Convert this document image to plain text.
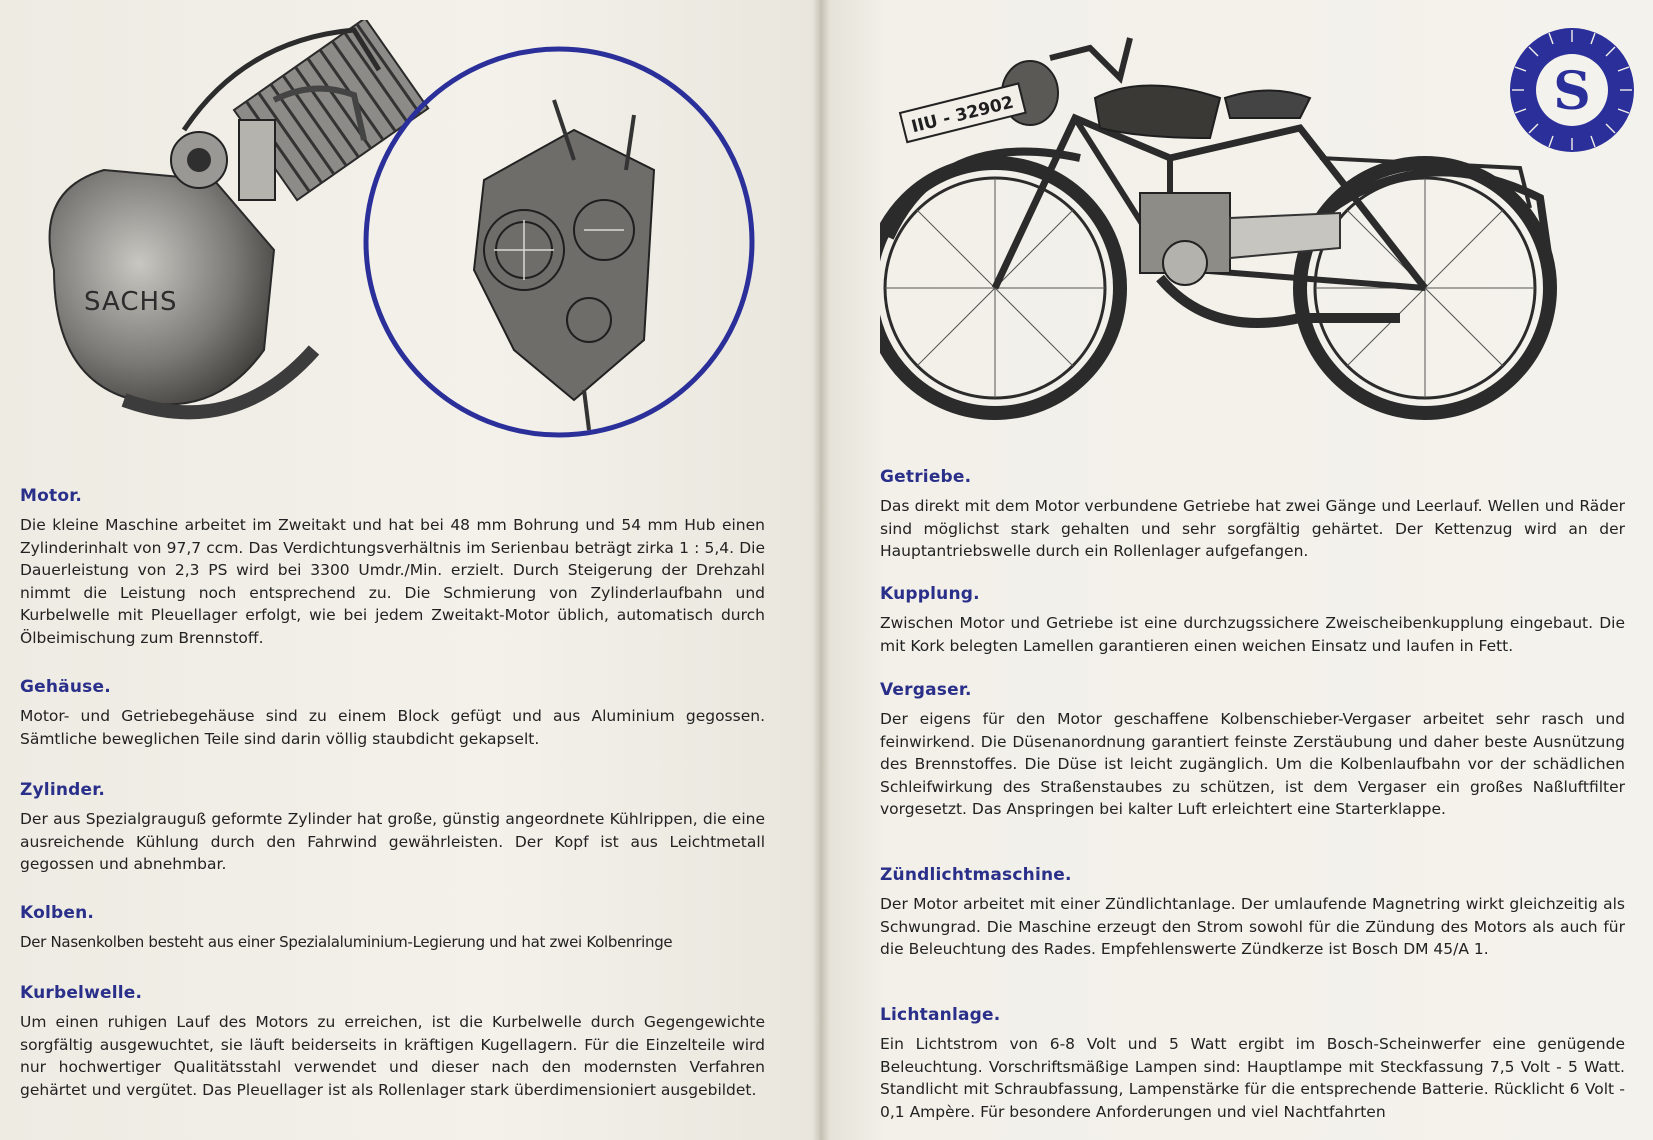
SACHS
IIU - 32902	S
Motor.

Die kleine Maschine arbeitet im Zweitakt und hat bei 48 mm Bohrung und 54 mm Hub einen Zylinderinhalt von 97,7 ccm. Das Verdichtungsverhältnis im Serienbau beträgt zirka 1 : 5,4. Die Dauerleistung von 2,3 PS wird bei 3300 Umdr./Min. erzielt. Durch Steigerung der Drehzahl nimmt die Leistung noch entsprechend zu. Die Schmierung von Zylinderlaufbahn und Kurbelwelle mit Pleuellager erfolgt, wie bei jedem Zweitakt-Motor üblich, automatisch durch Ölbeimischung zum Brennstoff.

Gehäuse.

Motor- und Getriebegehäuse sind zu einem Block gefügt und aus Aluminium gegossen. Sämtliche beweglichen Teile sind darin völlig staubdicht gekapselt.

Zylinder.

Der aus Spezialgrauguß geformte Zylinder hat große, günstig angeordnete Kühlrippen, die eine ausreichende Kühlung durch den Fahrwind gewährleisten. Der Kopf ist aus Leichtmetall gegossen und abnehmbar.

Kolben.

Der Nasenkolben besteht aus einer Spezialaluminium-Legierung und hat zwei Kolbenringe

Kurbelwelle.

Um einen ruhigen Lauf des Motors zu erreichen, ist die Kurbelwelle durch Gegengewichte sorgfältig ausgewuchtet, sie läuft beiderseits in kräftigen Kugellagern. Für die Einzelteile wird nur hochwertiger Qualitätsstahl verwendet und dieser nach den modernsten Verfahren gehärtet und vergütet. Das Pleuellager ist als Rollenlager stark überdimensioniert ausgebildet.

Getriebe.

Das direkt mit dem Motor verbundene Getriebe hat zwei Gänge und Leerlauf. Wellen und Räder sind möglichst stark gehalten und sehr sorgfältig gehärtet. Der Kettenzug wird an der Hauptantriebswelle durch ein Rollenlager aufgefangen.

Kupplung.

Zwischen Motor und Getriebe ist eine durchzugssichere Zweischeibenkupplung eingebaut. Die mit Kork belegten Lamellen garantieren einen weichen Einsatz und laufen in Fett.

Vergaser.

Der eigens für den Motor geschaffene Kolbenschieber-Vergaser arbeitet sehr rasch und feinwirkend. Die Düsenanordnung garantiert feinste Zerstäubung und daher beste Ausnützung des Brennstoffes. Die Düse ist leicht zugänglich. Um die Kolbenlaufbahn vor der schädlichen Schleifwirkung des Straßenstaubes zu schützen, ist dem Vergaser ein großes Naßluftfilter vorgesetzt. Das Anspringen bei kalter Luft erleichtert eine Starterklappe.

Zündlichtmaschine.

Der Motor arbeitet mit einer Zündlichtanlage. Der umlaufende Magnetring wirkt gleichzeitig als Schwungrad. Die Maschine erzeugt den Strom sowohl für die Zündung des Motors als auch für die Beleuchtung des Rades. Empfehlenswerte Zündkerze ist Bosch DM 45/A 1.

Lichtanlage.

Ein Lichtstrom von 6-8 Volt und 5 Watt ergibt im Bosch-Scheinwerfer eine genügende Beleuchtung. Vorschriftsmäßige Lampen sind: Hauptlampe mit Steckfassung 7,5 Volt - 5 Watt. Standlicht mit Schraubfassung, Lampenstärke für die entsprechende Batterie. Rücklicht 6 Volt - 0,1 Ampère. Für besondere Anforderungen und viel Nachtfahrten
